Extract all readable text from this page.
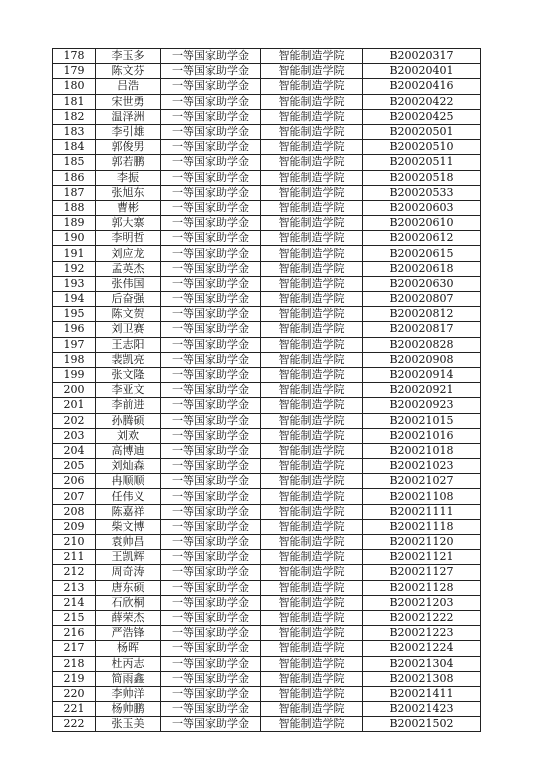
178	李玉多	一等国家助学金	智能制造学院	B20020317
179	陈文芬	一等国家助学金	智能制造学院	B20020401
180	吕浩	一等国家助学金	智能制造学院	B20020416
181	宋世勇	一等国家助学金	智能制造学院	B20020422
182	温泽洲	一等国家助学金	智能制造学院	B20020425
183	李引雄	一等国家助学金	智能制造学院	B20020501
184	郭俊男	一等国家助学金	智能制造学院	B20020510
185	郭若鹏	一等国家助学金	智能制造学院	B20020511
186	李振	一等国家助学金	智能制造学院	B20020518
187	张旭东	一等国家助学金	智能制造学院	B20020533
188	曹彬	一等国家助学金	智能制造学院	B20020603
189	郭大寨	一等国家助学金	智能制造学院	B20020610
190	李明哲	一等国家助学金	智能制造学院	B20020612
191	刘应龙	一等国家助学金	智能制造学院	B20020615
192	孟英杰	一等国家助学金	智能制造学院	B20020618
193	张伟国	一等国家助学金	智能制造学院	B20020630
194	后奋强	一等国家助学金	智能制造学院	B20020807
195	陈文贺	一等国家助学金	智能制造学院	B20020812
196	刘卫赛	一等国家助学金	智能制造学院	B20020817
197	王志阳	一等国家助学金	智能制造学院	B20020828
198	裴凯亮	一等国家助学金	智能制造学院	B20020908
199	张文隆	一等国家助学金	智能制造学院	B20020914
200	李亚文	一等国家助学金	智能制造学院	B20020921
201	李前进	一等国家助学金	智能制造学院	B20020923
202	孙腾硕	一等国家助学金	智能制造学院	B20021015
203	刘欢	一等国家助学金	智能制造学院	B20021016
204	高博迪	一等国家助学金	智能制造学院	B20021018
205	刘灿森	一等国家助学金	智能制造学院	B20021023
206	冉顺顺	一等国家助学金	智能制造学院	B20021027
207	任伟义	一等国家助学金	智能制造学院	B20021108
208	陈嘉祥	一等国家助学金	智能制造学院	B20021111
209	柴文博	一等国家助学金	智能制造学院	B20021118
210	袁帅昌	一等国家助学金	智能制造学院	B20021120
211	王凯辉	一等国家助学金	智能制造学院	B20021121
212	周奇涛	一等国家助学金	智能制造学院	B20021127
213	唐东硕	一等国家助学金	智能制造学院	B20021128
214	石欣桐	一等国家助学金	智能制造学院	B20021203
215	薛荣杰	一等国家助学金	智能制造学院	B20021222
216	严浩锋	一等国家助学金	智能制造学院	B20021223
217	杨晖	一等国家助学金	智能制造学院	B20021224
218	杜丙志	一等国家助学金	智能制造学院	B20021304
219	简雨鑫	一等国家助学金	智能制造学院	B20021308
220	李帅洋	一等国家助学金	智能制造学院	B20021411
221	杨帅鹏	一等国家助学金	智能制造学院	B20021423
222	张玉美	一等国家助学金	智能制造学院	B20021502
